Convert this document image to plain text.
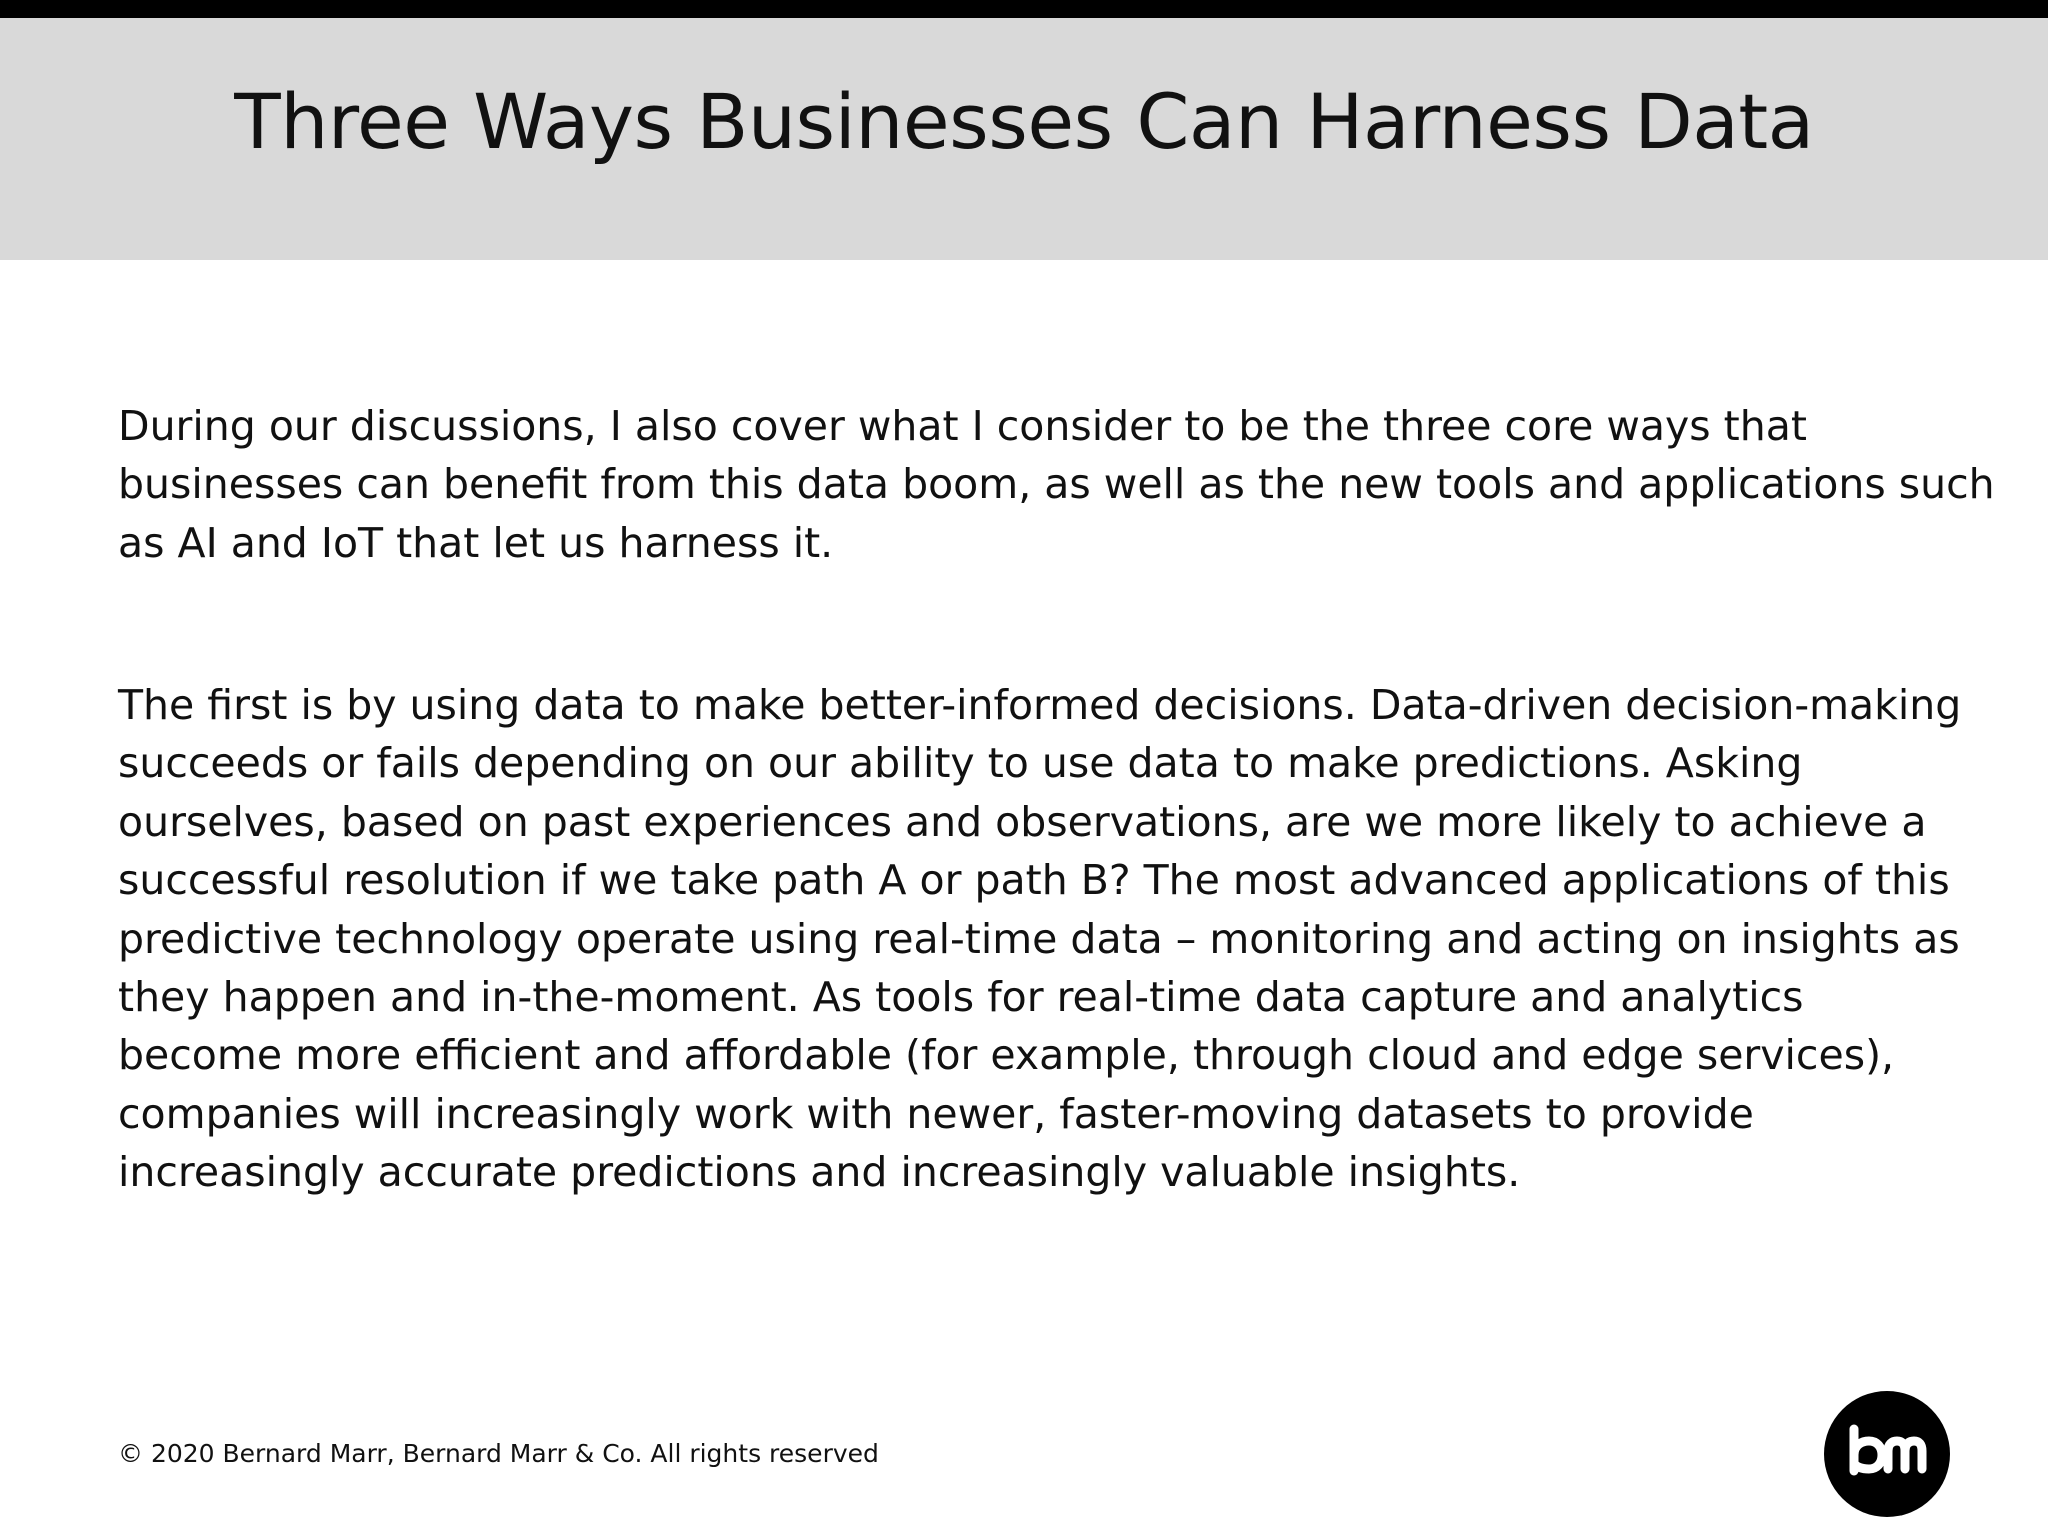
Three Ways Businesses Can Harness Data
During our discussions, I also cover what I consider to be the three core ways that
businesses can benefit from this data boom, as well as the new tools and applications such
as AI and IoT that let us harness it.
The first is by using data to make better-informed decisions. Data-driven decision-making
succeeds or fails depending on our ability to use data to make predictions. Asking
ourselves, based on past experiences and observations, are we more likely to achieve a
successful resolution if we take path A or path B? The most advanced applications of this
predictive technology operate using real-time data – monitoring and acting on insights as
they happen and in-the-moment. As tools for real-time data capture and analytics
become more efficient and affordable (for example, through cloud and edge services),
companies will increasingly work with newer, faster-moving datasets to provide
increasingly accurate predictions and increasingly valuable insights.

© 2020 Bernard Marr, Bernard Marr & Co. All rights reserved
